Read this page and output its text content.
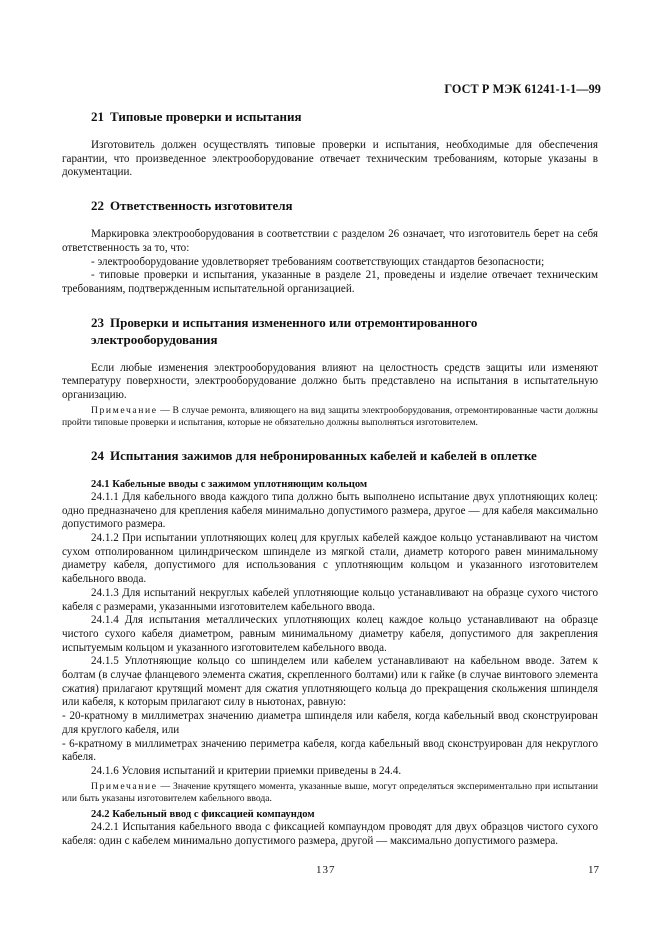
ГОСТ Р МЭК 61241-1-1—99
21 Типовые проверки и испытания

Изготовитель должен осуществлять типовые проверки и испытания, необходимые для обеспечения гарантии, что произведенное электрооборудование отвечает техническим требованиям, которые указаны в документации.

22 Ответственность изготовителя

Маркировка электрооборудования в соответствии с разделом 26 означает, что изготовитель берет на себя ответственность за то, что:

- электрооборудование удовлетворяет требованиям соответствующих стандартов безопасности;

- типовые проверки и испытания, указанные в разделе 21, проведены и изделие отвечает техническим требованиям, подтвержденным испытательной организацией.

23 Проверки и испытания измененного или отремонтированного
электрооборудования

Если любые изменения электрооборудования влияют на целостность средств защиты или изменяют температуру поверхности, электрооборудование должно быть представлено на испытания в испытательную организацию.

Примечание — В случае ремонта, влияющего на вид защиты электрооборудования, отремонтированные части должны пройти типовые проверки и испытания, которые не обязательно должны выполняться изготовителем.

24 Испытания зажимов для небронированных кабелей и кабелей в оплетке
24.1 Кабельные вводы с зажимом уплотняющим кольцом

24.1.1 Для кабельного ввода каждого типа должно быть выполнено испытание двух уплотняющих колец: одно предназначено для крепления кабеля минимально допустимого размера, другое — для кабеля максимально допустимого размера.

24.1.2 При испытании уплотняющих колец для круглых кабелей каждое кольцо устанавливают на чистом сухом отполированном цилиндрическом шпинделе из мягкой стали, диаметр которого равен минимальному диаметру кабеля, допустимого для использования с уплотняющим кольцом и указанного изготовителем кабельного ввода.

24.1.3 Для испытаний некруглых кабелей уплотняющие кольцо устанавливают на образце сухого чистого кабеля с размерами, указанными изготовителем кабельного ввода.

24.1.4 Для испытания металлических уплотняющих колец каждое кольцо устанавливают на образце чистого сухого кабеля диаметром, равным минимальному диаметру кабеля, допустимого для закрепления испытуемым кольцом и указанного изготовителем кабельного ввода.

24.1.5 Уплотняющие кольцо со шпинделем или кабелем устанавливают на кабельном вводе. Затем к болтам (в случае фланцевого элемента сжатия, скрепленного болтами) или к гайке (в случае винтового элемента сжатия) прилагают крутящий момент для сжатия уплотняющего кольца до прекращения скольжения шпинделя или кабеля, к которым прилагают силу в ньютонах, равную:

- 20-кратному в миллиметрах значению диаметра шпинделя или кабеля, когда кабельный ввод сконструирован для круглого кабеля, или

- 6-кратному в миллиметрах значению периметра кабеля, когда кабельный ввод сконструирован для некруглого кабеля.

24.1.6 Условия испытаний и критерии приемки приведены в 24.4.

Примечание — Значение крутящего момента, указанные выше, могут определяться экспериментально при испытании или быть указаны изготовителем кабельного ввода.

24.2 Кабельный ввод с фиксацией компаундом

24.2.1 Испытания кабельного ввода с фиксацией компаундом проводят для двух образцов чистого сухого кабеля: один с кабелем минимально допустимого размера, другой — максимально допустимого размера.

137	17
